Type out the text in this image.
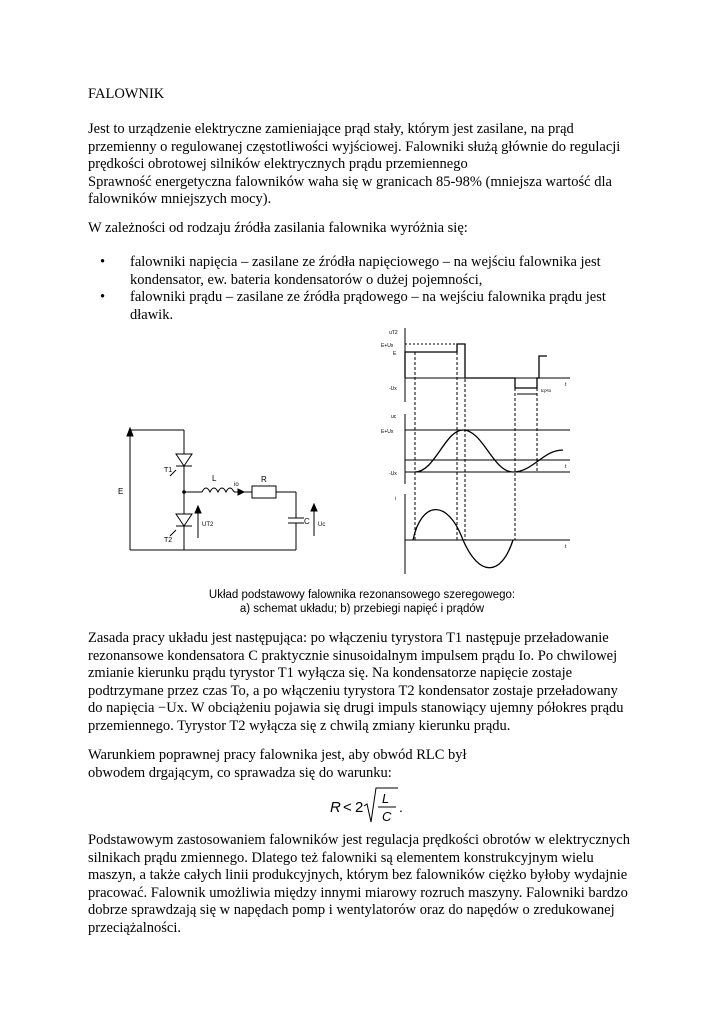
FALOWNIK
Jest to urządzenie elektryczne zamieniające prąd stały, którym jest zasilane, na prąd
przemienny o regulowanej częstotliwości wyjściowej. Falowniki służą głównie do regulacji
prędkości obrotowej silników elektrycznych prądu przemiennego
Sprawność energetyczna falowników waha się w granicach 85-98% (mniejsza wartość dla
falowników mniejszych mocy).
W zależności od rodzaju źródła zasilania falownika wyróżnia się:
• falowniki napięcia – zasilane ze źródła napięciowego – na wejściu falownika jest
kondensator, ew. bateria kondensatorów o dużej pojemności,
• falowniki prądu – zasilane ze źródła prądowego – na wejściu falownika prądu jest
dławik.
E
T1
T2
L
io
R
UT2	C Uc
uT2
E+Ux
E
-Ux
t
tq>to
uc
E+Ux
-Ux
t
i
t
Układ podstawowy falownika rezonansowego szeregowego:
a) schemat układu; b) przebiegi napięć i prądów
Zasada pracy układu jest następująca: po włączeniu tyrystora T1 następuje przeładowanie
rezonansowe kondensatora C praktycznie sinusoidalnym impulsem prądu Io. Po chwilowej
zmianie kierunku prądu tyrystor T1 wyłącza się. Na kondensatorze napięcie zostaje
podtrzymane przez czas To, a po włączeniu tyrystora T2 kondensator zostaje przeładowany
do napięcia −Ux. W obciążeniu pojawia się drugi impuls stanowiący ujemny półokres prądu
przemiennego. Tyrystor T2 wyłącza się z chwilą zmiany kierunku prądu.
Warunkiem poprawnej pracy falownika jest, aby obwód RLC był
obwodem drgającym, co sprawadza się do warunku:
R < 2
L
C
.
Podstawowym zastosowaniem falowników jest regulacja prędkości obrotów w elektrycznych
silnikach prądu zmiennego. Dlatego też falowniki są elementem konstrukcyjnym wielu
maszyn, a także całych linii produkcyjnych, którym bez falowników ciężko byłoby wydajnie
pracować. Falownik umożliwia między innymi miarowy rozruch maszyny. Falowniki bardzo
dobrze sprawdzają się w napędach pomp i wentylatorów oraz do napędów o zredukowanej
przeciążalności.
